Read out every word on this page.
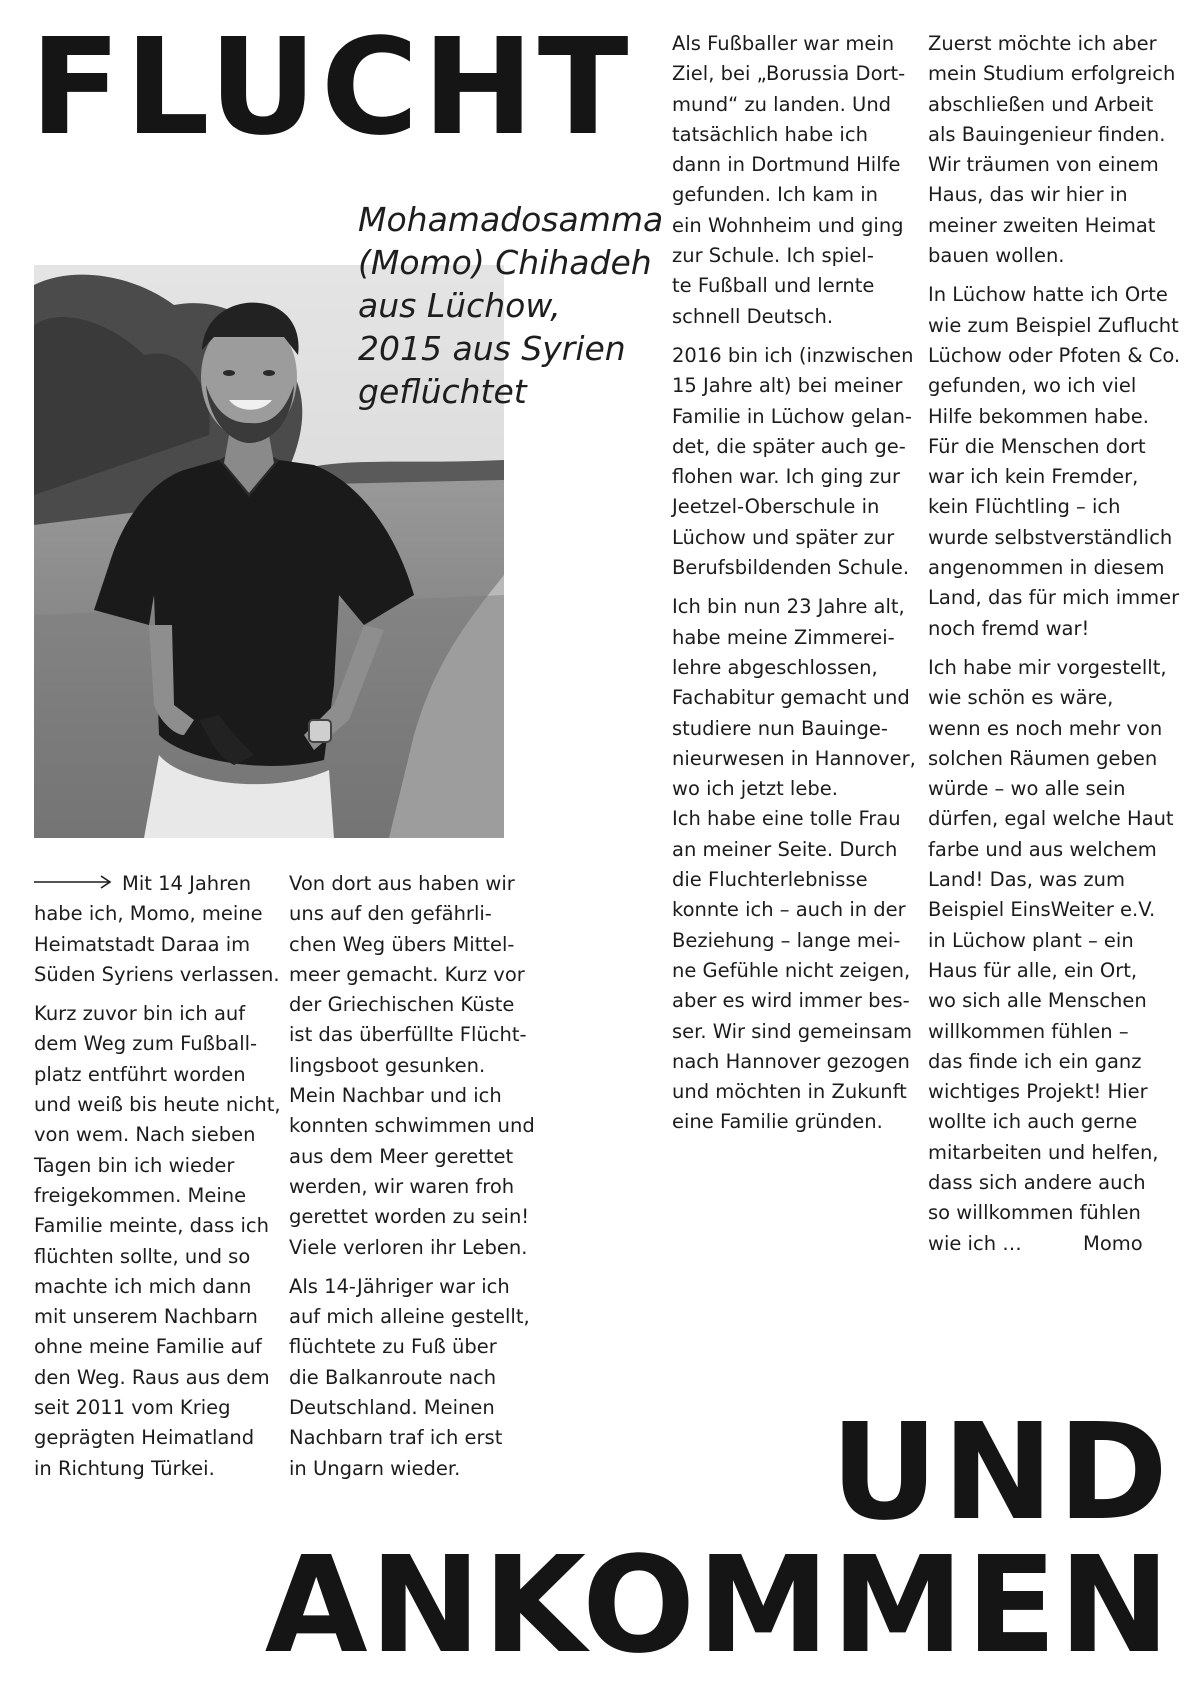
FLUCHT
Mohamadosamma
(Momo) Chihadeh
aus Lüchow,
2015 aus Syrien
geflüchtet

Mit 14 Jahren
habe ich, Momo, meine
Heimatstadt Daraa im
Süden Syriens verlassen.

Kurz zuvor bin ich auf
dem Weg zum Fußball-
platz entführt worden
und weiß bis heute nicht,
von wem. Nach sieben
Tagen bin ich wieder
freigekommen. Meine
Familie meinte, dass ich
flüchten sollte, und so
machte ich mich dann
mit unserem Nachbarn
ohne meine Familie auf
den Weg. Raus aus dem
seit 2011 vom Krieg
geprägten Heimatland
in Richtung Türkei.

Von dort aus haben wir
uns auf den gefährli-
chen Weg übers Mittel-
meer gemacht. Kurz vor
der Griechischen Küste
ist das überfüllte Flücht-
lingsboot gesunken.
Mein Nachbar und ich
konnten schwimmen und
aus dem Meer gerettet
werden, wir waren froh
gerettet worden zu sein!
Viele verloren ihr Leben.

Als 14-Jähriger war ich
auf mich alleine gestellt,
flüchtete zu Fuß über
die Balkanroute nach
Deutschland. Meinen
Nachbarn traf ich erst
in Ungarn wieder.

Als Fußballer war mein
Ziel, bei „Borussia Dort-
mund“ zu landen. Und
tatsächlich habe ich
dann in Dortmund Hilfe
gefunden. Ich kam in
ein Wohnheim und ging
zur Schule. Ich spiel-
te Fußball und lernte
schnell Deutsch.

2016 bin ich (inzwischen
15 Jahre alt) bei meiner
Familie in Lüchow gelan-
det, die später auch ge-
flohen war. Ich ging zur
Jeetzel-Oberschule in
Lüchow und später zur
Berufsbildenden Schule.

Ich bin nun 23 Jahre alt,
habe meine Zimmerei-
lehre abgeschlossen,
Fachabitur gemacht und
studiere nun Bauinge-
nieurwesen in Hannover,
wo ich jetzt lebe.
Ich habe eine tolle Frau
an meiner Seite. Durch
die Fluchterlebnisse
konnte ich – auch in der
Beziehung – lange mei-
ne Gefühle nicht zeigen,
aber es wird immer bes-
ser. Wir sind gemeinsam
nach Hannover gezogen
und möchten in Zukunft
eine Familie gründen.

Zuerst möchte ich aber
mein Studium erfolgreich
abschließen und Arbeit
als Bauingenieur finden.
Wir träumen von einem
Haus, das wir hier in
meiner zweiten Heimat
bauen wollen.

In Lüchow hatte ich Orte
wie zum Beispiel Zuflucht
Lüchow oder Pfoten & Co.
gefunden, wo ich viel
Hilfe bekommen habe.
Für die Menschen dort
war ich kein Fremder,
kein Flüchtling – ich
wurde selbstverständlich
angenommen in diesem
Land, das für mich immer
noch fremd war!

Ich habe mir vorgestellt,
wie schön es wäre,
wenn es noch mehr von
solchen Räumen geben
würde – wo alle sein
dürfen, egal welche Haut
farbe und aus welchem
Land! Das, was zum
Beispiel EinsWeiter e.V.
in Lüchow plant – ein
Haus für alle, ein Ort,
wo sich alle Menschen
willkommen fühlen –
das finde ich ein ganz
wichtiges Projekt! Hier
wollte ich auch gerne
mitarbeiten und helfen,
dass sich andere auch
so willkommen fühlen
wie ich …	Momo

UND
ANKOMMEN
